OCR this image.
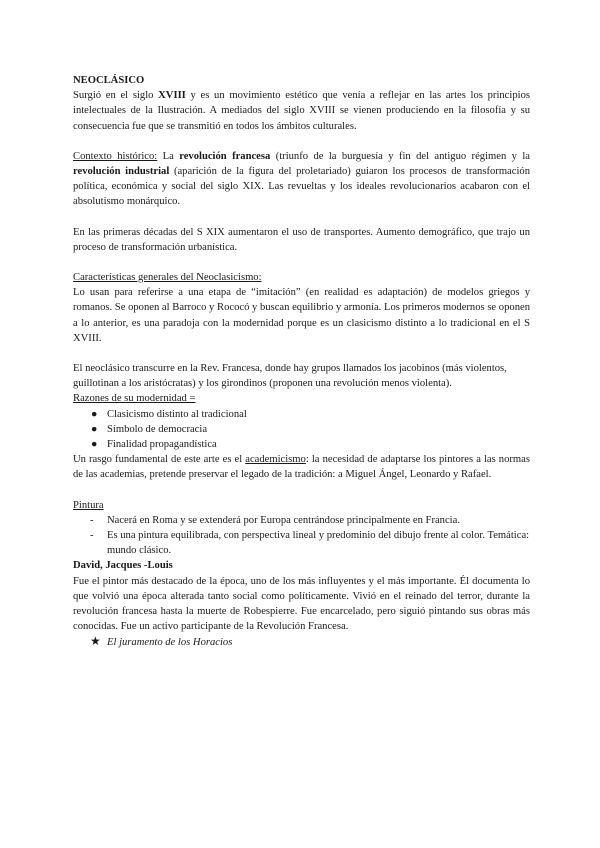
NEOCLÁSICO

Surgió en el siglo XVIII y es un movimiento estético que venía a reflejar en las artes los principios intelectuales de la Ilustración. A mediados del siglo XVIII se vienen produciendo en la filosofía y su consecuencia fue que se transmitió en todos los ámbitos culturales.

Contexto histórico: La revolución francesa (triunfo de la burguesía y fin del antiguo régimen y la revolución industrial (aparición de la figura del proletariado) guiaron los procesos de transformación política, económica y social del siglo XIX. Las revueltas y los ideales revolucionarios acabaron con el absolutismo monárquico.

En las primeras décadas del S XIX aumentaron el uso de transportes. Aumento demográfico, que trajo un proceso de transformación urbanística.

Características generales del Neoclasicismo:

Lo usan para referirse a una etapa de “imitación” (en realidad es adaptación) de modelos griegos y romanos. Se oponen al Barroco y Rococó y buscan equilibrio y armonía. Los primeros modernos se oponen a lo anterior, es una paradoja con la modernidad porque es un clasicismo distinto a lo tradicional en el S XVIII.

El neoclásico transcurre en la Rev. Francesa, donde hay grupos llamados los jacobinos (más violentos, guillotinan a los aristócratas) y los girondinos (proponen una revolución menos violenta).

Razones de su modernidad =

● Clasicismo distinto al tradicional
● Símbolo de democracia
● Finalidad propagandística

Un rasgo fundamental de este arte es el academicismo: la necesidad de adaptarse los pintores a las normas de las academias, pretende preservar el legado de la tradición: a Miguel Ángel, Leonardo y Rafael.

Pintura

- Nacerá en Roma y se extenderá por Europa centrándose principalmente en Francia.
- Es una pintura equilibrada, con perspectiva lineal y predominio del dibujo frente al color. Temática: mundo clásico.

David, Jacques -Louis

Fue el pintor más destacado de la época, uno de los más influyentes y el más importante. Él documenta lo que volvió una época alterada tanto social como políticamente. Vivió en el reinado del terror, durante la revolución francesa hasta la muerte de Robespierre. Fue encarcelado, pero siguió pintando sus obras más conocidas. Fue un activo participante de la Revolución Francesa.

★ El juramento de los Horacios
